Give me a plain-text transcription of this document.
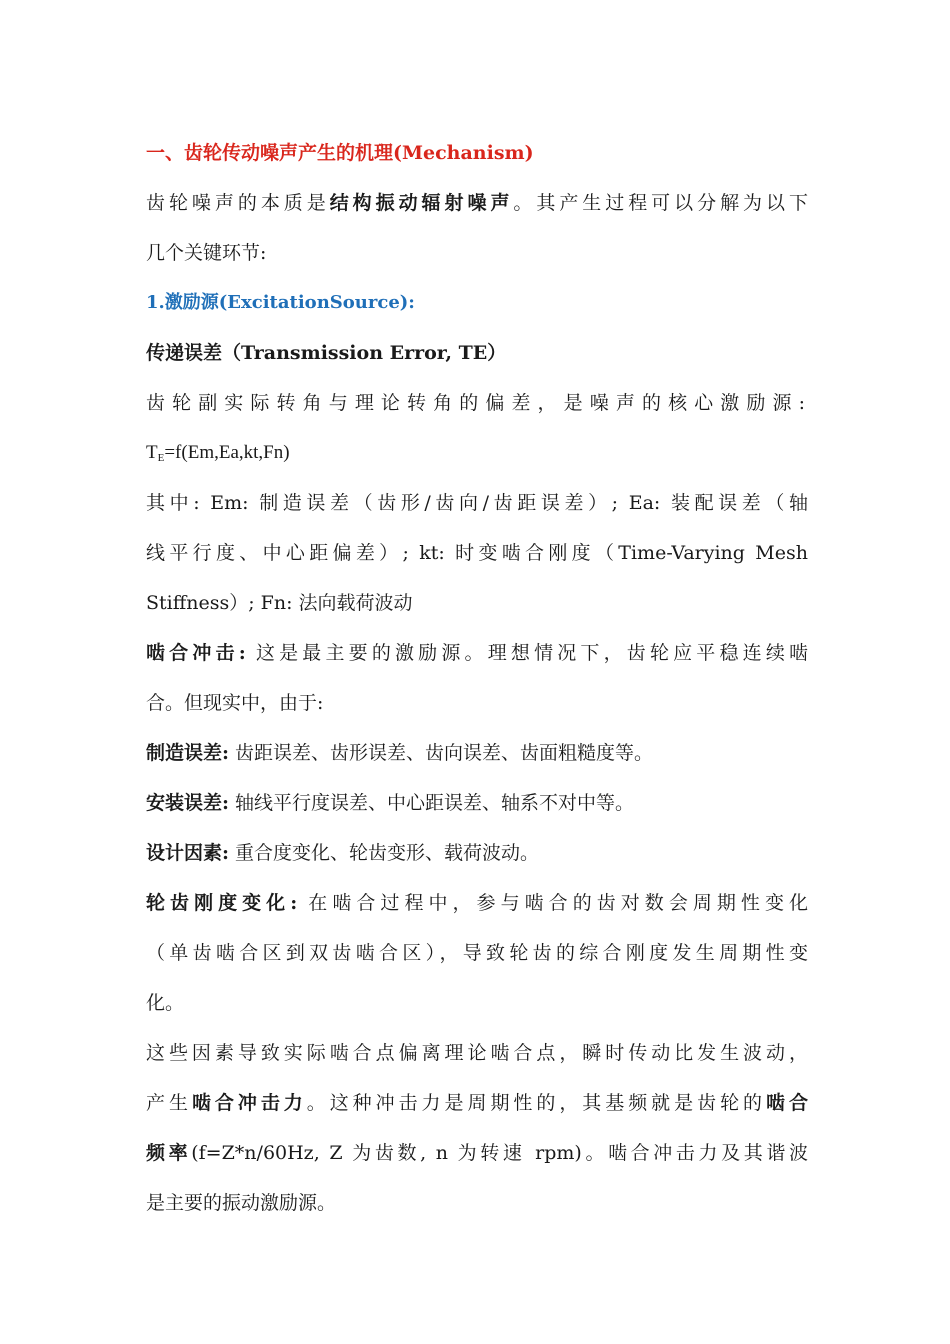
一、齿轮传动噪声产生的机理(Mechanism)
齿轮噪声的本质是结构振动辐射噪声。其产生过程可以分解为以下
几个关键环节:
1.激励源(ExcitationSource):
传递误差（Transmission Error, TE）
齿轮副实际转角与理论转角的偏差，是噪声的核心激励源:
$T_E=f(Em,Ea,kt,Fn)$
其中: Em: 制造误差（齿形/齿向/齿距误差）; Ea: 装配误差（轴
线平行度、中心距偏差）; kt: 时变啮合刚度（Time-Varying Mesh
Stiffness）; Fn: 法向载荷波动
啮合冲击: 这是最主要的激励源。理想情况下，齿轮应平稳连续啮
合。但现实中，由于:
制造误差: 齿距误差、齿形误差、齿向误差、齿面粗糙度等。
安装误差: 轴线平行度误差、中心距误差、轴系不对中等。
设计因素: 重合度变化、轮齿变形、载荷波动。
轮齿刚度变化: 在啮合过程中，参与啮合的齿对数会周期性变化
（单齿啮合区到双齿啮合区），导致轮齿的综合刚度发生周期性变
化。
这些因素导致实际啮合点偏离理论啮合点，瞬时传动比发生波动，
产生啮合冲击力。这种冲击力是周期性的，其基频就是齿轮的啮合
频率(f=Z*n/60Hz, Z 为齿数, n 为转速 rpm)。啮合冲击力及其谐波
是主要的振动激励源。
